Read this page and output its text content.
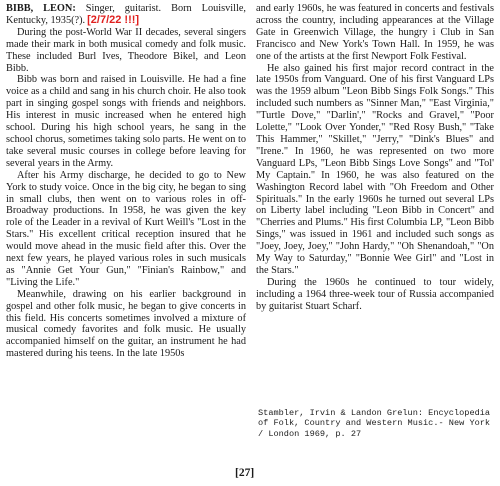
BIBB, LEON: Singer, guitarist. Born Louisville, Kentucky, 1935(?). [2/7/22 !!!]

During the post-World War II decades, several singers made their mark in both musical comedy and folk music. These included Burl Ives, Theodore Bikel, and Leon Bibb.

Bibb was born and raised in Louisville. He had a fine voice as a child and sang in his church choir. He also took part in singing gospel songs with friends and neighbors. His interest in music increased when he entered high school. During his high school years, he sang in the school chorus, sometimes taking solo parts. He went on to take several music courses in college before leaving for several years in the Army.

After his Army discharge, he decided to go to New York to study voice. Once in the big city, he began to sing in small clubs, then went on to various roles in off-Broadway productions. In 1958, he was given the key role of the Leader in a revival of Kurt Weill's "Lost in the Stars." His excellent critical reception insured that he would move ahead in the music field after this. Over the next few years, he played various roles in such musicals as "Annie Get Your Gun," "Finian's Rainbow," and "Living the Life."

Meanwhile, drawing on his earlier background in gospel and other folk music, he began to give concerts in this field. His concerts sometimes involved a mixture of musical comedy favorites and folk music. He usually accompanied himself on the guitar, an instrument he had mastered during his teens. In the late 1950s

and early 1960s, he was featured in concerts and festivals across the country, including appearances at the Village Gate in Greenwich Village, the hungry i Club in San Francisco and New York's Town Hall. In 1959, he was one of the artists at the first Newport Folk Festival.

He also gained his first major record contract in the late 1950s from Vanguard. One of his first Vanguard LPs was the 1959 album "Leon Bibb Sings Folk Songs." This included such numbers as "Sinner Man," "East Virginia," "Turtle Dove," "Darlin'," "Rocks and Gravel," "Poor Lolette," "Look Over Yonder," "Red Rosy Bush," "Take This Hammer," "Skillet," "Jerry," "Dink's Blues" and "Irene." In 1960, he was represented on two more Vanguard LPs, "Leon Bibb Sings Love Songs" and "Tol' My Captain." In 1960, he was also featured on the Washington Record label with "Oh Freedom and Other Spirituals." In the early 1960s he turned out several LPs on Liberty label including "Leon Bibb in Concert" and "Cherries and Plums." His first Columbia LP, "Leon Bibb Sings," was issued in 1961 and included such songs as "Joey, Joey, Joey," "John Hardy," "Oh Shenandoah," "On My Way to Saturday," "Bonnie Wee Girl" and "Lost in the Stars."

During the 1960s he continued to tour widely, including a 1964 three-week tour of Russia accompanied by guitarist Stuart Scharf.

Stambler, Irvin & Landon Grelun: Encyclopedia of Folk, Country and Western Music.- New York / London 1969, p. 27
[27]
